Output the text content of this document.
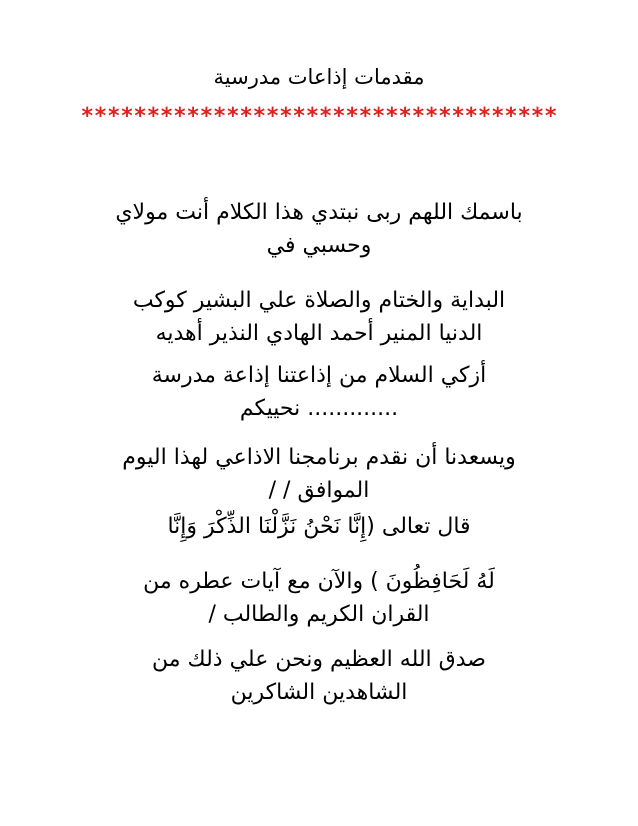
مقدمات إذاعات مدرسية
************************************
باسمك اللهم ربى نبتدي هذا الكلام أنت مولاي
وحسبي في
البداية والختام والصلاة علي البشير كوكب
الدنيا المنير أحمد الهادي النذير أهديه
أزكي السلام من إذاعتنا إذاعة مدرسة
............. نحييكم
ويسعدنا أن نقدم برنامجنا الاذاعي لهذا اليوم
الموافق / /
قال تعالى (إِنَّا نَحْنُ نَزَّلْنَا الذِّكْرَ وَإِنَّا
لَهُ لَحَافِظُونَ ) والآن مع آيات عطره من
القران الكريم والطالب /
صدق الله العظيم ونحن علي ذلك من
الشاهدين الشاكرين
